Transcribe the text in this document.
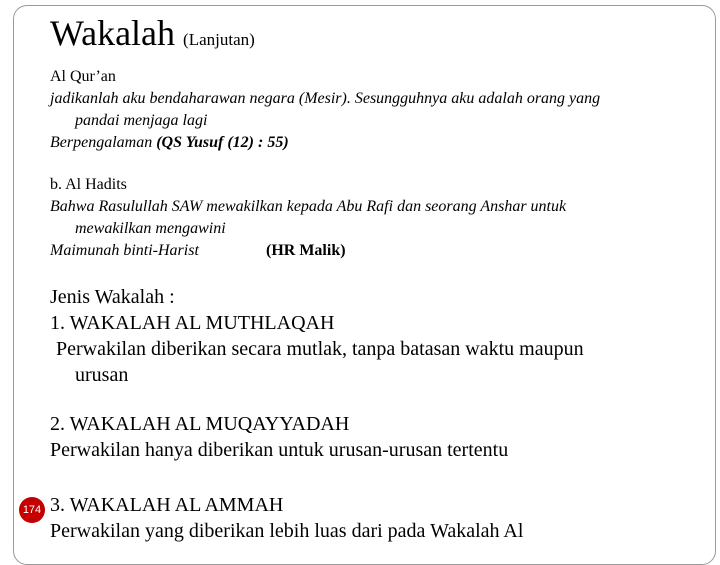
Wakalah (Lanjutan)
Al Qur’an
jadikanlah aku bendaharawan negara (Mesir). Sesungguhnya aku adalah orang yang
pandai menjaga lagi
Berpengalaman (QS Yusuf (12) : 55)
b. Al Hadits
Bahwa Rasulullah SAW mewakilkan kepada Abu Rafi dan seorang Anshar untuk
mewakilkan mengawini
Maimunah binti-Harist	(HR Malik)
Jenis Wakalah :
1. WAKALAH AL MUTHLAQAH
Perwakilan diberikan secara mutlak, tanpa batasan waktu maupun
urusan
2. WAKALAH AL MUQAYYADAH
Perwakilan hanya diberikan untuk urusan-urusan tertentu
3. WAKALAH AL AMMAH
Perwakilan yang diberikan lebih luas dari pada Wakalah Al
174
